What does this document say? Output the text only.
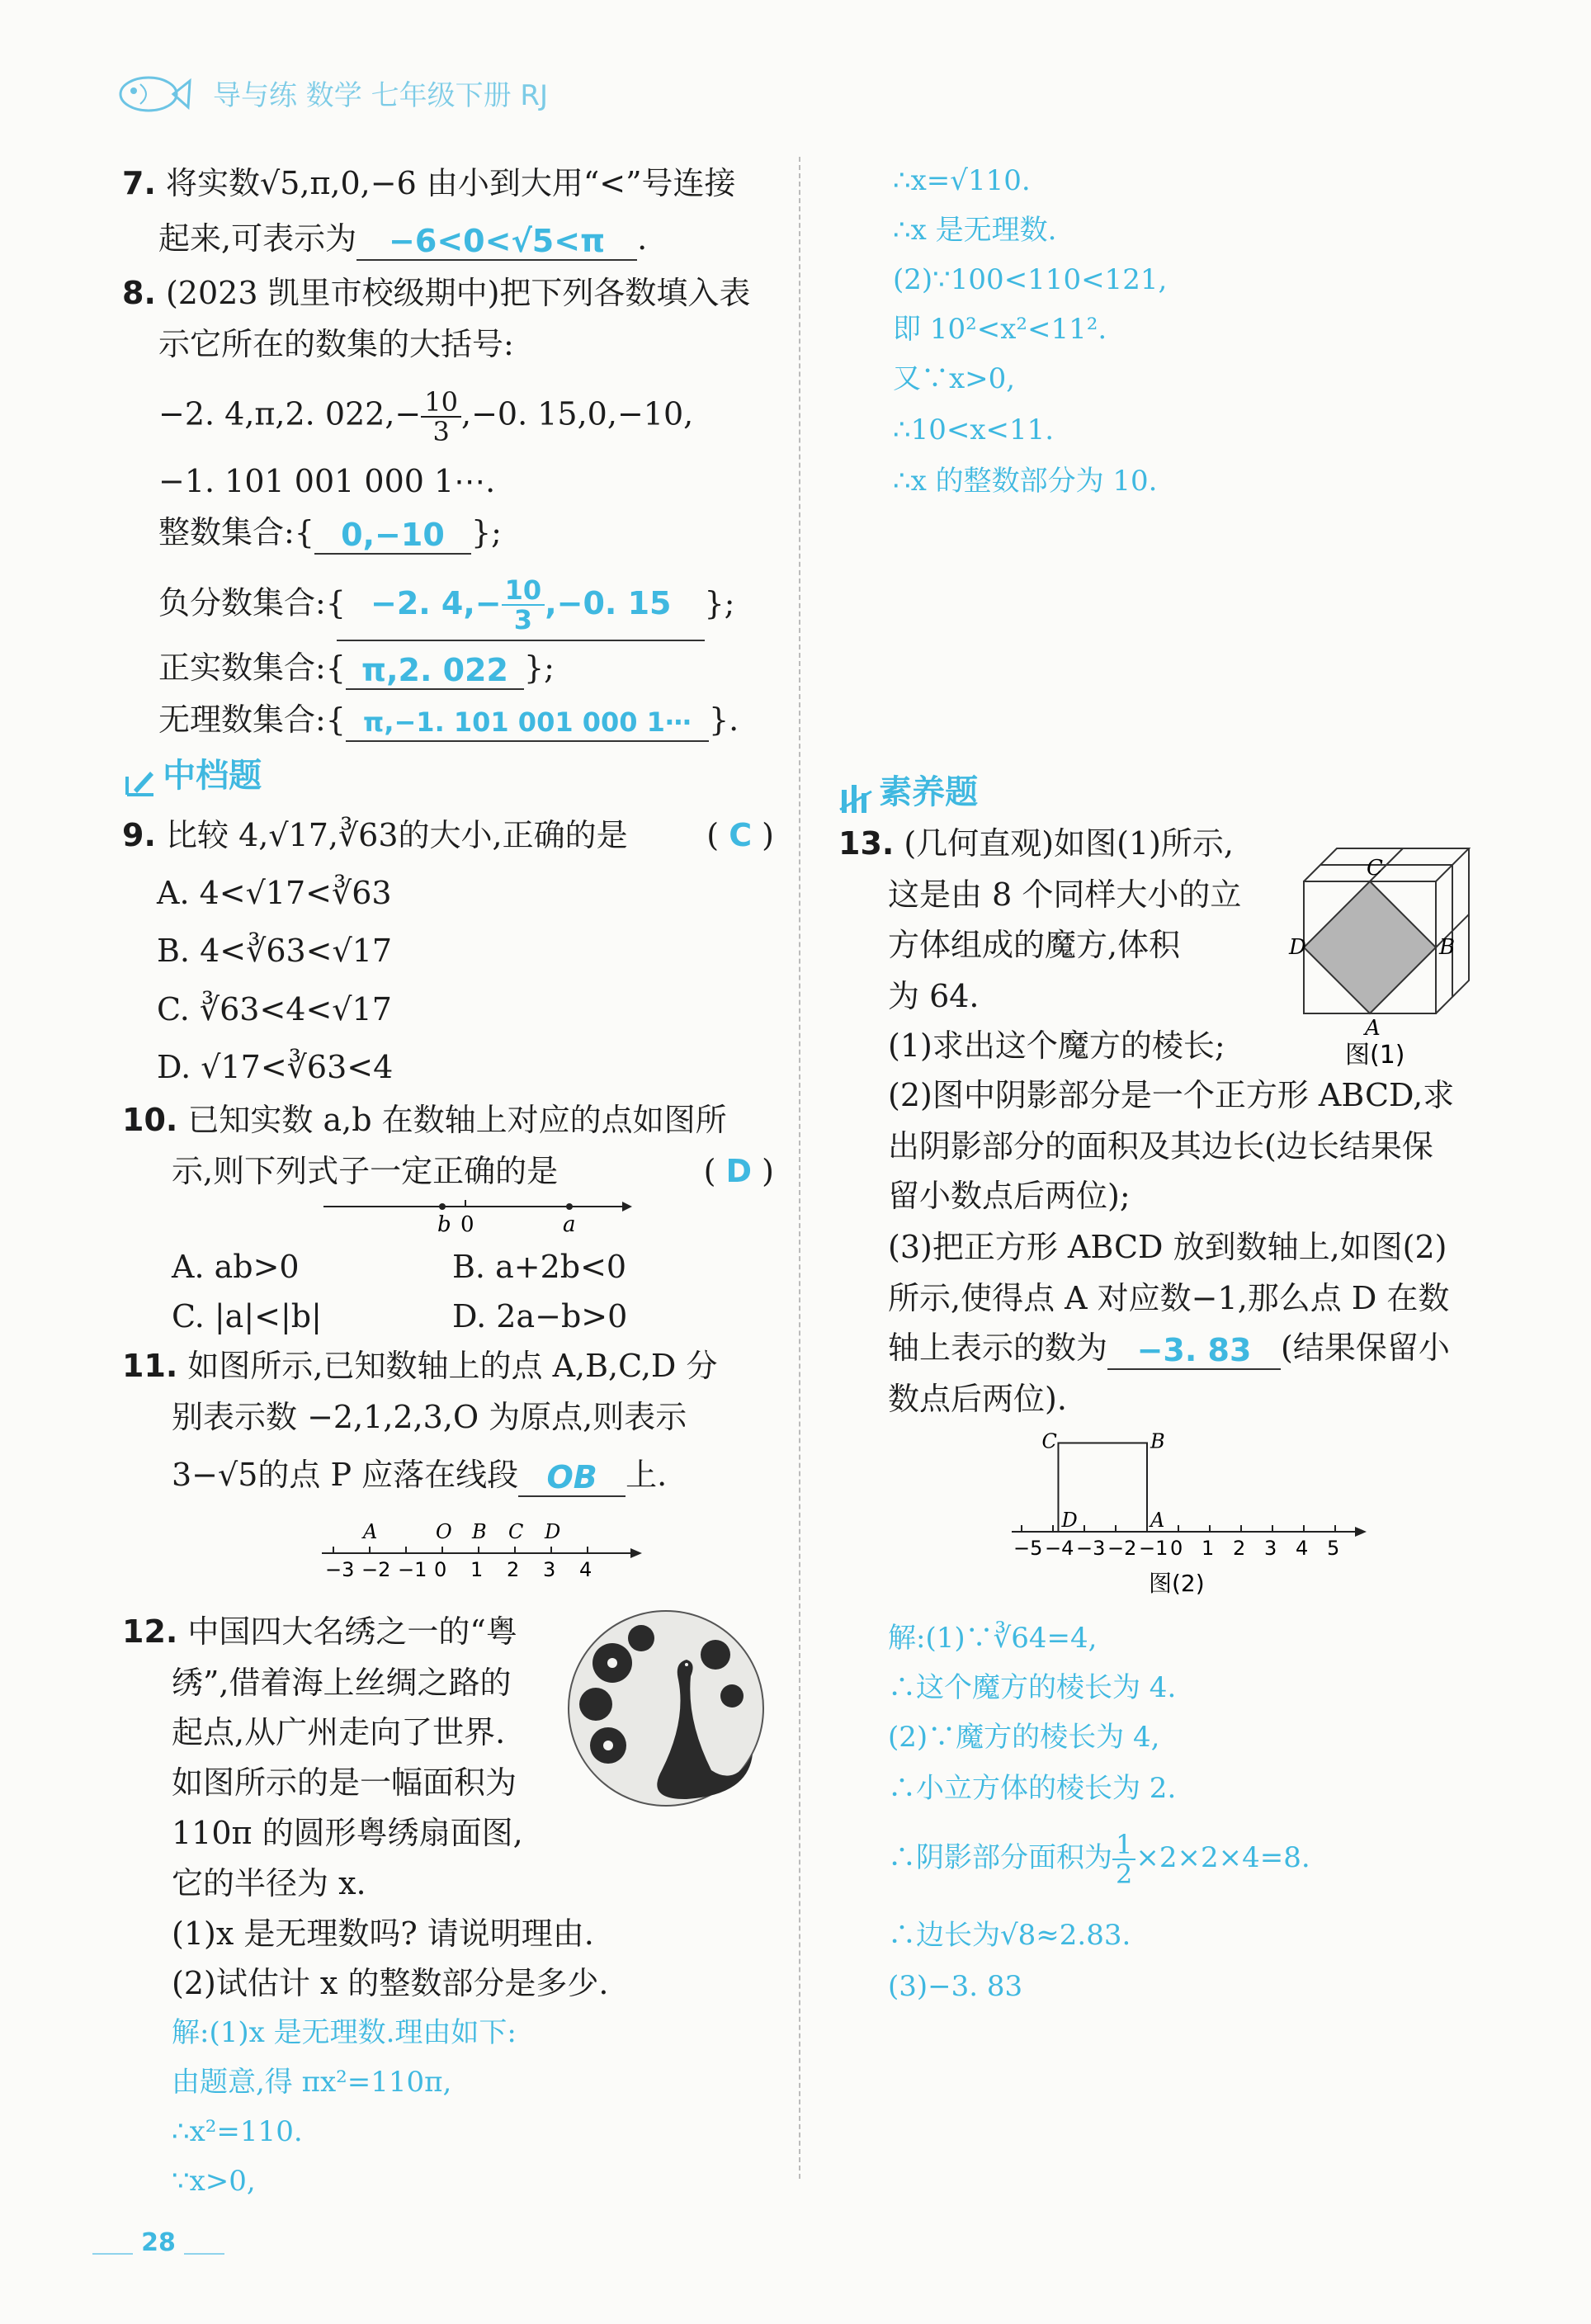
导与练 数学 七年级下册 RJ
7. 将实数√5,π,0,−6 由小到大用“<”号连接
起来,可表示为 −6<0<√5<π .
8. (2023 凯里市校级期中)把下列各数填入表
示它所在的数集的大括号:
−2. 4,π,2. $022,- \frac{10}{3} ,-0$. 15,0,−10,
−1. 101 001 000 1⋯.
整数集合:{ 0,−10 };
负分数集合:{ −2. $4,- \frac{10}{3} ,-0$. 15 };
正实数集合:{ π,2. 022 };
无理数集合:{ π,−1. 101 001 000 1⋯ }.
中档题
9. 比较 4,√17,∛63的大小,正确的是	( C )
A. 4<√17<∛63
B. 4<∛63<√17
C. ∛63<4<√17
D. √17<∛63<4
10. 已知实数 a,b 在数轴上对应的点如图所
示,则下列式子一定正确的是	( D )
b 0	a
A. ab>0	B. a+2b<0
C. |a|<|b|	D. 2a−b>0
11. 如图所示,已知数轴上的点 A,B,C,D 分
别表示数 −2,1,2,3,O 为原点,则表示
3−√5的点 P 应落在线段 OB 上.
−3 −2 −1 0 1 2 3 4
A	O B C D
12. 中国四大名绣之一的“粤
绣”,借着海上丝绸之路的
起点,从广州走向了世界.
如图所示的是一幅面积为
110π 的圆形粤绣扇面图,
它的半径为 x.
(1)x 是无理数吗? 请说明理由.
(2)试估计 x 的整数部分是多少.
解:(1)x 是无理数.理由如下:
由题意,得 πx²=110π,
∴x²=110.
∵x>0,
28
∴x=√110.
∴x 是无理数.
(2)∵100<110<121,
即 10²<x²<11².
又∵x>0,
∴10<x<11.
∴x 的整数部分为 10.
素养题
13. (几何直观)如图(1)所示,
这是由 8 个同样大小的立
方体组成的魔方,体积
为 64.
(1)求出这个魔方的棱长;
C
D	B
A
图(1)
(2)图中阴影部分是一个正方形 ABCD,求
出阴影部分的面积及其边长(边长结果保
留小数点后两位);
(3)把正方形 ABCD 放到数轴上,如图(2)
所示,使得点 A 对应数−1,那么点 D 在数
轴上表示的数为 −3. 83 (结果保留小
数点后两位).
−5 −4 −3 −2 −1 0 1 2 3 4 5
C	B
D	A
图(2)
解:(1)∵∛64=4,
∴这个魔方的棱长为 4.
(2)∵魔方的棱长为 4,
∴小立方体的棱长为 2.
∴阴影部分面积为 $\frac{1}{2} \times 2\times 2\times 4=8$.
∴边长为√8≈2.83.
(3)−3. 83
